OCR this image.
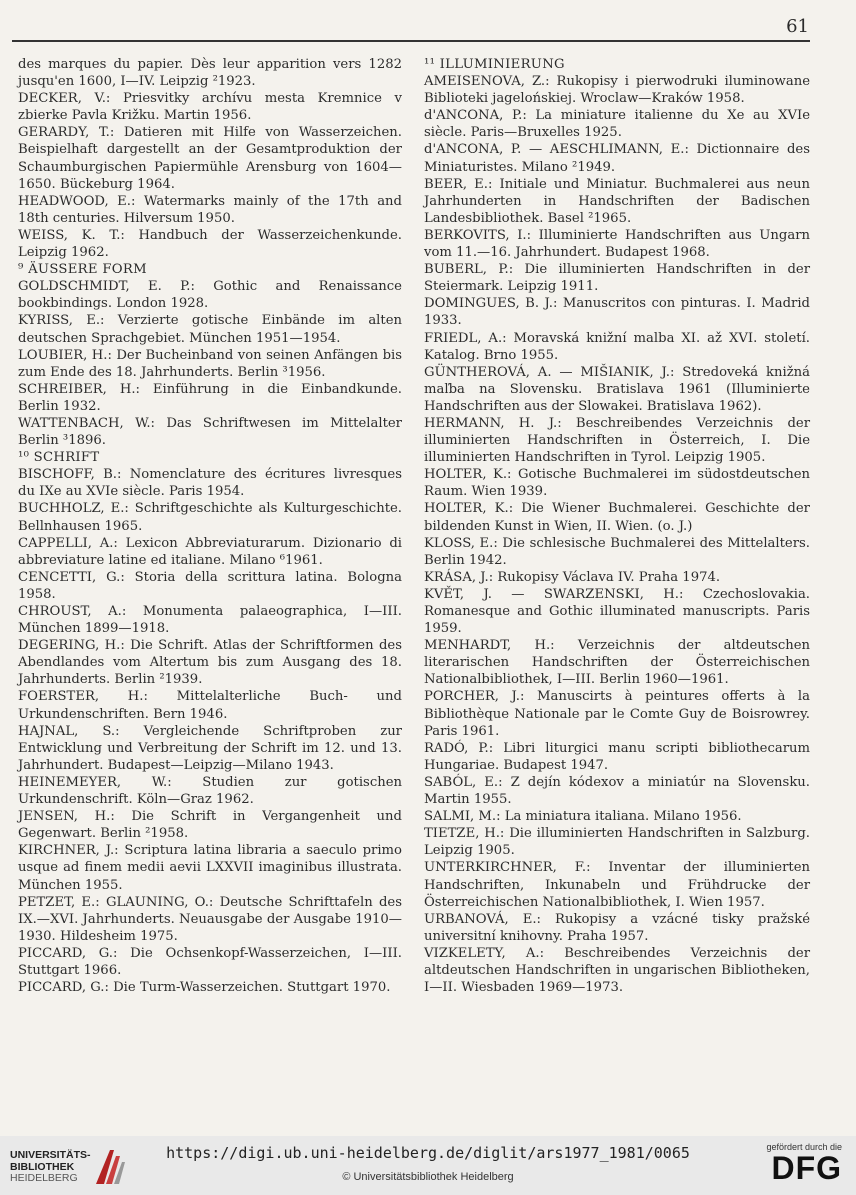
61

des marques du papier. Dès leur apparition vers 1282 jusqu'en 1600, I—IV. Leipzig ²1923.

DECKER, V.: Priesvitky archívu mesta Kremnice v zbierke Pavla Križku. Martin 1956.

GERARDY, T.: Datieren mit Hilfe von Wasserzeichen. Beispielhaft dargestellt an der Gesamtproduktion der Schaumburgischen Papiermühle Arensburg von 1604—1650. Bückeburg 1964.

HEADWOOD, E.: Watermarks mainly of the 17th and 18th centuries. Hilversum 1950.

WEISS, K. T.: Handbuch der Wasserzeichenkunde. Leipzig 1962.

⁹ ÄUSSERE FORM

GOLDSCHMIDT, E. P.: Gothic and Renaissance bookbindings. London 1928.

KYRISS, E.: Verzierte gotische Einbände im alten deutschen Sprachgebiet. München 1951—1954.

LOUBIER, H.: Der Bucheinband von seinen Anfängen bis zum Ende des 18. Jahrhunderts. Berlin ³1956.

SCHREIBER, H.: Einführung in die Einbandkunde. Berlin 1932.

WATTENBACH, W.: Das Schriftwesen im Mittelalter Berlin ³1896.

¹⁰ SCHRIFT

BISCHOFF, B.: Nomenclature des écritures livresques du IXe au XVIe siècle. Paris 1954.

BUCHHOLZ, E.: Schriftgeschichte als Kulturgeschichte. Bellnhausen 1965.

CAPPELLI, A.: Lexicon Abbreviaturarum. Dizionario di abbreviature latine ed italiane. Milano ⁶1961.

CENCETTI, G.: Storia della scrittura latina. Bologna 1958.

CHROUST, A.: Monumenta palaeographica, I—III. München 1899—1918.

DEGERING, H.: Die Schrift. Atlas der Schriftformen des Abendlandes vom Altertum bis zum Ausgang des 18. Jahrhunderts. Berlin ²1939.

FOERSTER, H.: Mittelalterliche Buch- und Urkundenschriften. Bern 1946.

HAJNAL, S.: Vergleichende Schriftproben zur Entwicklung und Verbreitung der Schrift im 12. und 13. Jahrhundert. Budapest—Leipzig—Milano 1943.

HEINEMEYER, W.: Studien zur gotischen Urkundenschrift. Köln—Graz 1962.

JENSEN, H.: Die Schrift in Vergangenheit und Gegenwart. Berlin ²1958.

KIRCHNER, J.: Scriptura latina libraria a saeculo primo usque ad finem medii aevii LXXVII imaginibus illustrata. München 1955.

PETZET, E.: GLAUNING, O.: Deutsche Schrifttafeln des IX.—XVI. Jahrhunderts. Neuausgabe der Ausgabe 1910—1930. Hildesheim 1975.

PICCARD, G.: Die Ochsenkopf-Wasserzeichen, I—III. Stuttgart 1966.

PICCARD, G.: Die Turm-Wasserzeichen. Stuttgart 1970.

¹¹ ILLUMINIERUNG

AMEISENOVA, Z.: Rukopisy i pierwodruki iluminowane Biblioteki jagelońskiej. Wroclaw—Kraków 1958.

d'ANCONA, P.: La miniature italienne du Xe au XVIe siècle. Paris—Bruxelles 1925.

d'ANCONA, P. — AESCHLIMANN, E.: Dictionnaire des Miniaturistes. Milano ²1949.

BEER, E.: Initiale und Miniatur. Buchmalerei aus neun Jahrhunderten in Handschriften der Badischen Landesbibliothek. Basel ²1965.

BERKOVITS, I.: Illuminierte Handschriften aus Ungarn vom 11.—16. Jahrhundert. Budapest 1968.

BUBERL, P.: Die illuminierten Handschriften in der Steiermark. Leipzig 1911.

DOMINGUES, B. J.: Manuscritos con pinturas. I. Madrid 1933.

FRIEDL, A.: Moravská knižní malba XI. až XVI. století. Katalog. Brno 1955.

GÜNTHEROVÁ, A. — MIŠIANIK, J.: Stredoveká knižná maľba na Slovensku. Bratislava 1961 (Illuminierte Handschriften aus der Slowakei. Bratislava 1962).

HERMANN, H. J.: Beschreibendes Verzeichnis der illuminierten Handschriften in Österreich, I. Die illuminierten Handschriften in Tyrol. Leipzig 1905.

HOLTER, K.: Gotische Buchmalerei im südostdeutschen Raum. Wien 1939.

HOLTER, K.: Die Wiener Buchmalerei. Geschichte der bildenden Kunst in Wien, II. Wien. (o. J.)

KLOSS, E.: Die schlesische Buchmalerei des Mittelalters. Berlin 1942.

KRÁSA, J.: Rukopisy Václava IV. Praha 1974.

KVĚT, J. — SWARZENSKI, H.: Czechoslovakia. Romanesque and Gothic illuminated manuscripts. Paris 1959.

MENHARDT, H.: Verzeichnis der altdeutschen literarischen Handschriften der Österreichischen Nationalbibliothek, I—III. Berlin 1960—1961.

PORCHER, J.: Manuscirts à peintures offerts à la Bibliothèque Nationale par le Comte Guy de Boisrowrey. Paris 1961.

RADÓ, P.: Libri liturgici manu scripti bibliothecarum Hungariae. Budapest 1947.

SABÓL, E.: Z dejín kódexov a miniatúr na Slovensku. Martin 1955.

SALMI, M.: La miniatura italiana. Milano 1956.

TIETZE, H.: Die illuminierten Handschriften in Salzburg. Leipzig 1905.

UNTERKIRCHNER, F.: Inventar der illuminierten Handschriften, Inkunabeln und Frühdrucke der Österreichischen Nationalbibliothek, I. Wien 1957.

URBANOVÁ, E.: Rukopisy a vzácné tisky pražské universitní knihovny. Praha 1957.

VIZKELETY, A.: Beschreibendes Verzeichnis der altdeutschen Handschriften in ungarischen Bibliotheken, I—II. Wiesbaden 1969—1973.

UNIVERSITÄTS-
BIBLIOTHEK
HEIDELBERG
https://digi.ub.uni-heidelberg.de/diglit/ars1977_1981/0065
© Universitätsbibliothek Heidelberg
gefördert durch die
DFG
